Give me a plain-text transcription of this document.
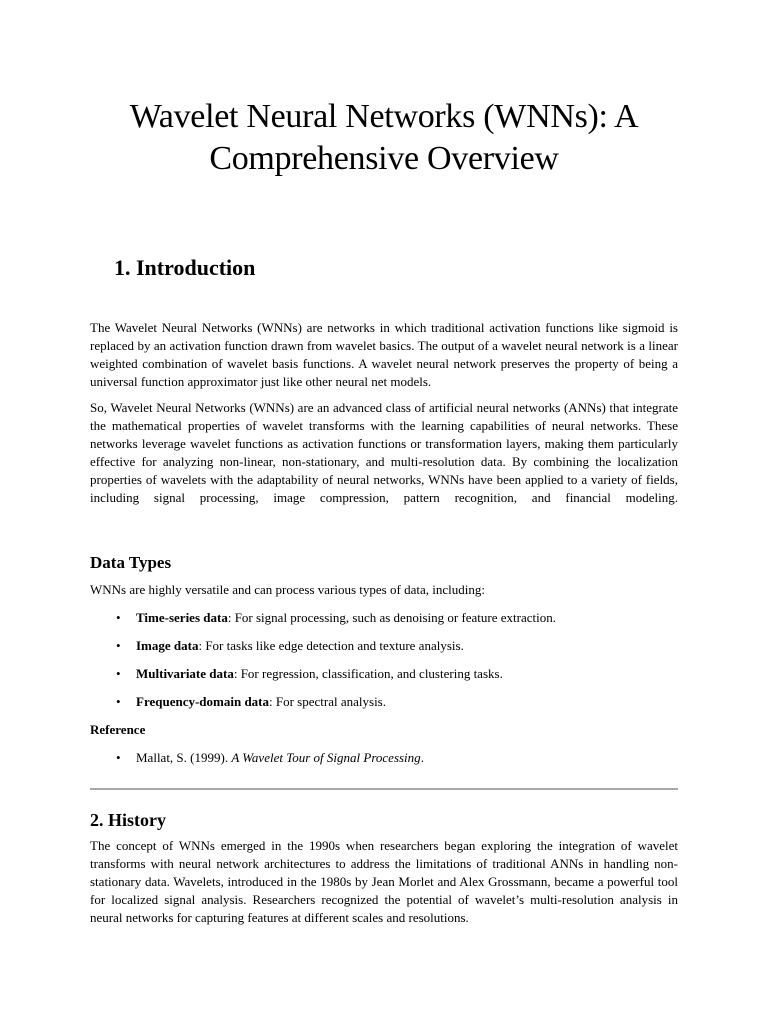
Wavelet Neural Networks (WNNs): A Comprehensive Overview
1. Introduction

The Wavelet Neural Networks (WNNs) are networks in which traditional activation functions like sigmoid is replaced by an activation function drawn from wavelet basics. The output of a wavelet neural network is a linear weighted combination of wavelet basis functions. A wavelet neural network preserves the property of being a universal function approximator just like other neural net models.

So, Wavelet Neural Networks (WNNs) are an advanced class of artificial neural networks (ANNs) that integrate the mathematical properties of wavelet transforms with the learning capabilities of neural networks. These networks leverage wavelet functions as activation functions or transformation layers, making them particularly effective for analyzing non-linear, non-stationary, and multi-resolution data. By combining the localization properties of wavelets with the adaptability of neural networks, WNNs have been applied to a variety of fields, including signal processing, image compression, pattern recognition, and financial modeling.

Data Types

WNNs are highly versatile and can process various types of data, including:

• Time-series data: For signal processing, such as denoising or feature extraction.
• Image data: For tasks like edge detection and texture analysis.
• Multivariate data: For regression, classification, and clustering tasks.
• Frequency-domain data: For spectral analysis.

Reference

• Mallat, S. (1999). A Wavelet Tour of Signal Processing.
2. History

The concept of WNNs emerged in the 1990s when researchers began exploring the integration of wavelet transforms with neural network architectures to address the limitations of traditional ANNs in handling non-stationary data. Wavelets, introduced in the 1980s by Jean Morlet and Alex Grossmann, became a powerful tool for localized signal analysis. Researchers recognized the potential of wavelet’s multi-resolution analysis in neural networks for capturing features at different scales and resolutions.
